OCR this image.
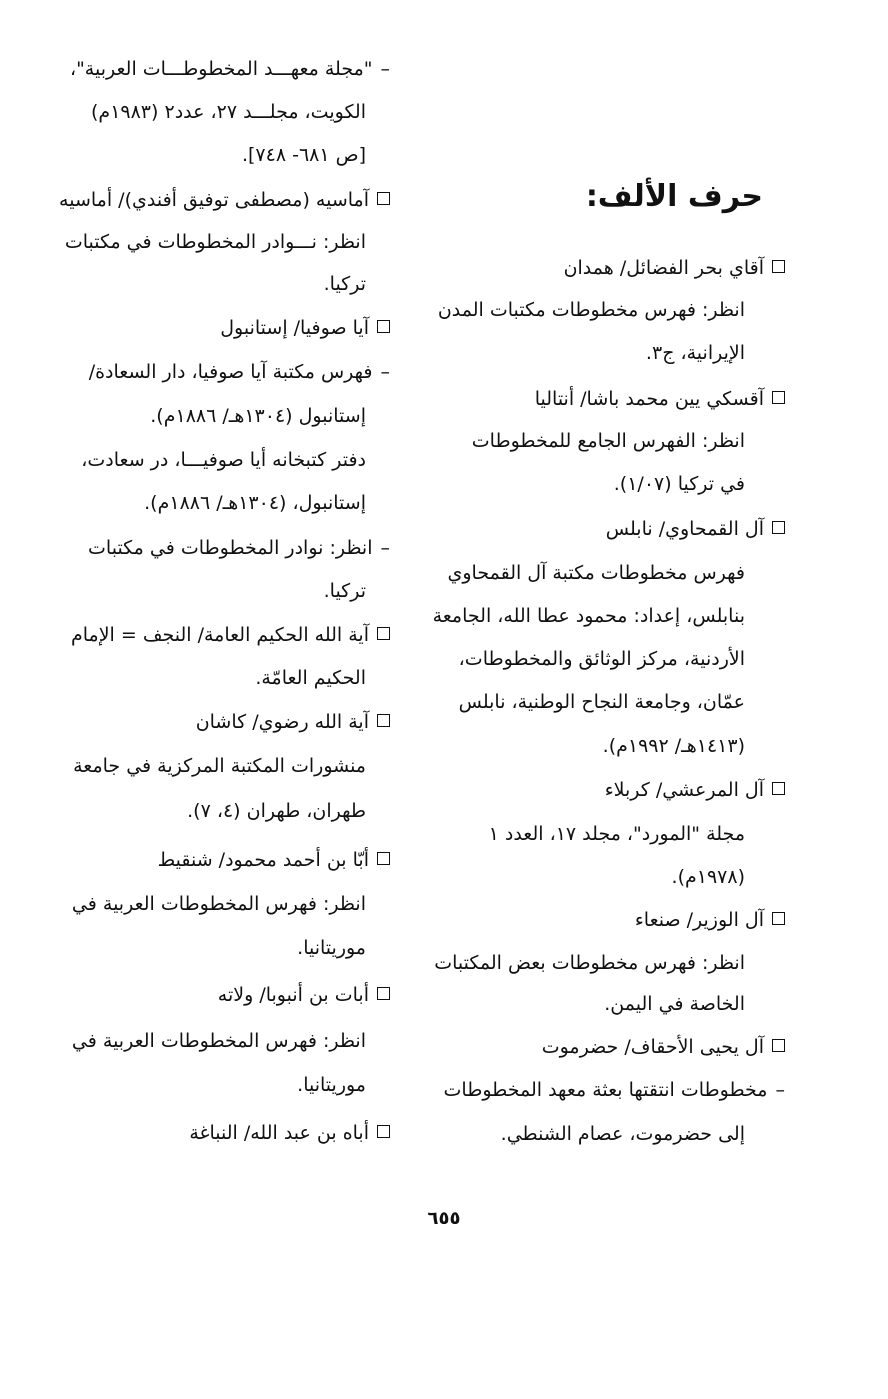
حرف الألف:
آقاي بحر الفضائل/ همدان
انظر: فهرس مخطوطات مكتبات المدن
الإيرانية، ج٣.
آقسكي يين محمد باشا/ أنتاليا
انظر: الفهرس الجامع للمخطوطات
في تركيا (١/٠٧).
آل القمحاوي/ نابلس
فهرس مخطوطات مكتبة آل القمحاوي
بنابلس، إعداد: محمود عطا الله، الجامعة
الأردنية، مركز الوثائق والمخطوطات،
عمّان، وجامعة النجاح الوطنية، نابلس
(١٤١٣هـ/ ١٩٩٢م).
آل المرعشي/ كربلاء
مجلة "المورد"، مجلد ١٧، العدد ١
(١٩٧٨م).
آل الوزير/ صنعاء
انظر: فهرس مخطوطات بعض المكتبات
الخاصة في اليمن.
آل يحيى الأحقاف/ حضرموت
–مخطوطات انتقتها بعثة معهد المخطوطات
إلى حضرموت، عصام الشنطي.
–"مجلة معهـــد المخطوطـــات العربية"،
الكويت، مجلـــد ٢٧، عدد٢ (١٩٨٣م)
[ص ٦٨١- ٧٤٨].
آماسيه (مصطفى توفيق أفندي)/ أماسيه
انظر: نـــوادر المخطوطات في مكتبات
تركيا.
آيا صوفيا/ إستانبول
–فهرس مكتبة آيا صوفيا، دار السعادة/
إستانبول (١٣٠٤هـ/ ١٨٨٦م).
دفتر كتبخانه أيا صوفيـــا، در سعادت،
إستانبول، (١٣٠٤هـ/ ١٨٨٦م).
–انظر: نوادر المخطوطات في مكتبات
تركيا.
آية الله الحكيم العامة/ النجف = الإمام
الحكيم العامّة.
آية الله رضوي/ كاشان
منشورات المكتبة المركزية في جامعة
طهران، طهران (٤، ٧).
أبّا بن أحمد محمود/ شنقيط
انظر: فهرس المخطوطات العربية في
موريتانيا.
أبات بن أنبوبا/ ولاته
انظر: فهرس المخطوطات العربية في
موريتانيا.
أباه بن عبد الله/ النباغة
٦٥٥
